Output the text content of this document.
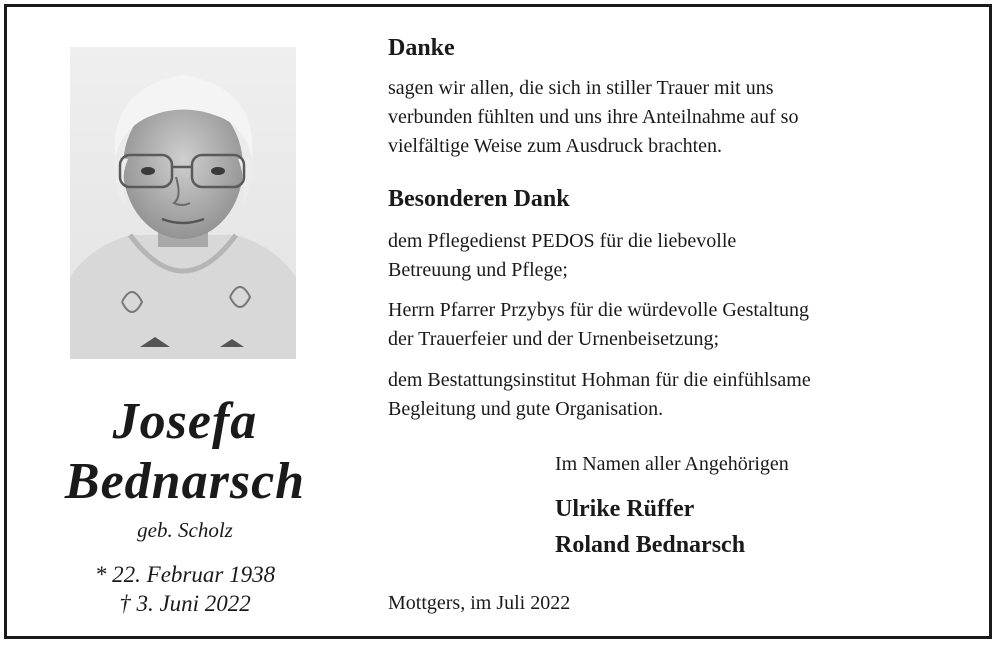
Josefa
Bednarsch
geb. Scholz
* 22. Februar 1938
† 3. Juni 2022
Danke
sagen wir allen, die sich in stiller Trauer mit uns
verbunden fühlten und uns ihre Anteilnahme auf so
vielfältige Weise zum Ausdruck brachten.
Besonderen Dank
dem Pflegedienst PEDOS für die liebevolle
Betreuung und Pflege;
Herrn Pfarrer Przybys für die würdevolle Gestaltung
der Trauerfeier und der Urnenbeisetzung;
dem Bestattungsinstitut Hohman für die einfühlsame
Begleitung und gute Organisation.
Im Namen aller Angehörigen
Ulrike Rüffer
Roland Bednarsch
Mottgers, im Juli 2022
